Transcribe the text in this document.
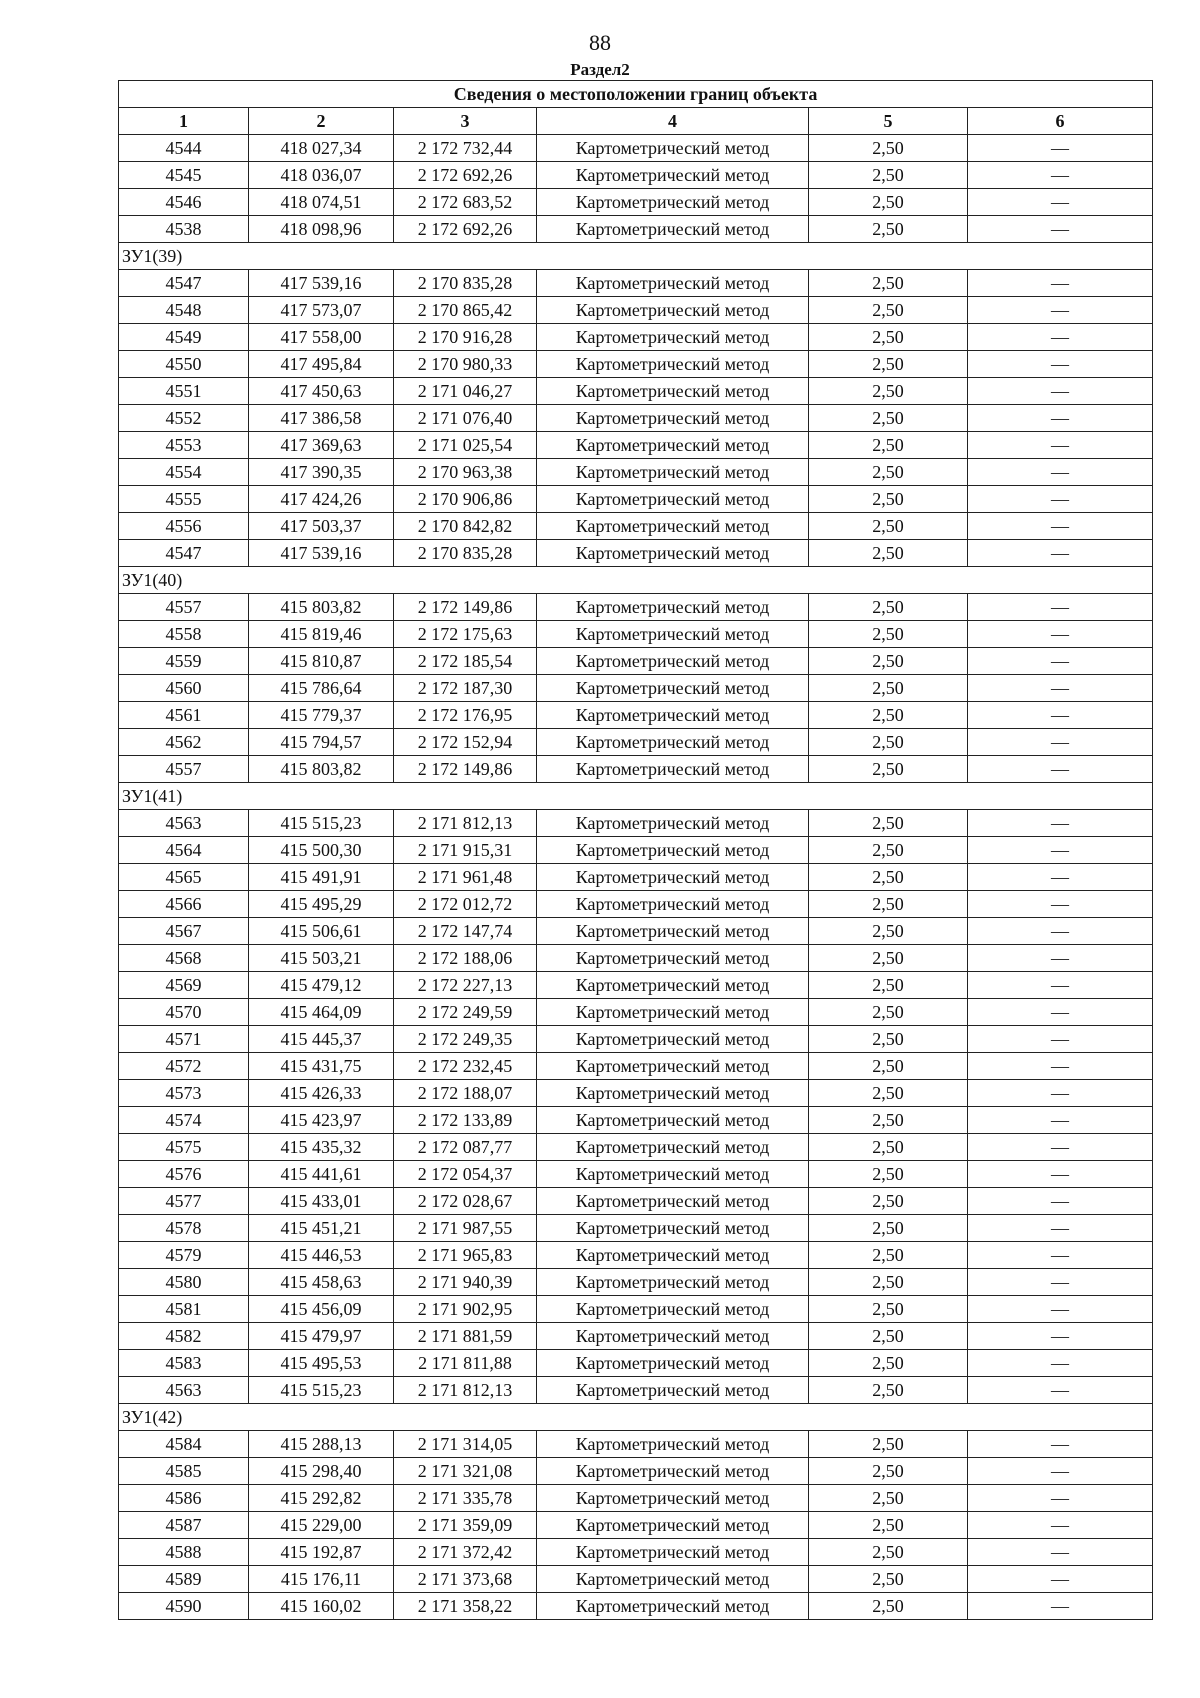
88
Раздел2
Сведения о местоположении границ объекта					
1	2	3	4	5	6
4544	418 027,34	2 172 732,44	Картометрический метод	2,50	—
4545	418 036,07	2 172 692,26	Картометрический метод	2,50	—
4546	418 074,51	2 172 683,52	Картометрический метод	2,50	—
4538	418 098,96	2 172 692,26	Картометрический метод	2,50	—
ЗУ1(39)					
4547	417 539,16	2 170 835,28	Картометрический метод	2,50	—
4548	417 573,07	2 170 865,42	Картометрический метод	2,50	—
4549	417 558,00	2 170 916,28	Картометрический метод	2,50	—
4550	417 495,84	2 170 980,33	Картометрический метод	2,50	—
4551	417 450,63	2 171 046,27	Картометрический метод	2,50	—
4552	417 386,58	2 171 076,40	Картометрический метод	2,50	—
4553	417 369,63	2 171 025,54	Картометрический метод	2,50	—
4554	417 390,35	2 170 963,38	Картометрический метод	2,50	—
4555	417 424,26	2 170 906,86	Картометрический метод	2,50	—
4556	417 503,37	2 170 842,82	Картометрический метод	2,50	—
4547	417 539,16	2 170 835,28	Картометрический метод	2,50	—
ЗУ1(40)					
4557	415 803,82	2 172 149,86	Картометрический метод	2,50	—
4558	415 819,46	2 172 175,63	Картометрический метод	2,50	—
4559	415 810,87	2 172 185,54	Картометрический метод	2,50	—
4560	415 786,64	2 172 187,30	Картометрический метод	2,50	—
4561	415 779,37	2 172 176,95	Картометрический метод	2,50	—
4562	415 794,57	2 172 152,94	Картометрический метод	2,50	—
4557	415 803,82	2 172 149,86	Картометрический метод	2,50	—
ЗУ1(41)					
4563	415 515,23	2 171 812,13	Картометрический метод	2,50	—
4564	415 500,30	2 171 915,31	Картометрический метод	2,50	—
4565	415 491,91	2 171 961,48	Картометрический метод	2,50	—
4566	415 495,29	2 172 012,72	Картометрический метод	2,50	—
4567	415 506,61	2 172 147,74	Картометрический метод	2,50	—
4568	415 503,21	2 172 188,06	Картометрический метод	2,50	—
4569	415 479,12	2 172 227,13	Картометрический метод	2,50	—
4570	415 464,09	2 172 249,59	Картометрический метод	2,50	—
4571	415 445,37	2 172 249,35	Картометрический метод	2,50	—
4572	415 431,75	2 172 232,45	Картометрический метод	2,50	—
4573	415 426,33	2 172 188,07	Картометрический метод	2,50	—
4574	415 423,97	2 172 133,89	Картометрический метод	2,50	—
4575	415 435,32	2 172 087,77	Картометрический метод	2,50	—
4576	415 441,61	2 172 054,37	Картометрический метод	2,50	—
4577	415 433,01	2 172 028,67	Картометрический метод	2,50	—
4578	415 451,21	2 171 987,55	Картометрический метод	2,50	—
4579	415 446,53	2 171 965,83	Картометрический метод	2,50	—
4580	415 458,63	2 171 940,39	Картометрический метод	2,50	—
4581	415 456,09	2 171 902,95	Картометрический метод	2,50	—
4582	415 479,97	2 171 881,59	Картометрический метод	2,50	—
4583	415 495,53	2 171 811,88	Картометрический метод	2,50	—
4563	415 515,23	2 171 812,13	Картометрический метод	2,50	—
ЗУ1(42)					
4584	415 288,13	2 171 314,05	Картометрический метод	2,50	—
4585	415 298,40	2 171 321,08	Картометрический метод	2,50	—
4586	415 292,82	2 171 335,78	Картометрический метод	2,50	—
4587	415 229,00	2 171 359,09	Картометрический метод	2,50	—
4588	415 192,87	2 171 372,42	Картометрический метод	2,50	—
4589	415 176,11	2 171 373,68	Картометрический метод	2,50	—
4590	415 160,02	2 171 358,22	Картометрический метод	2,50	—
